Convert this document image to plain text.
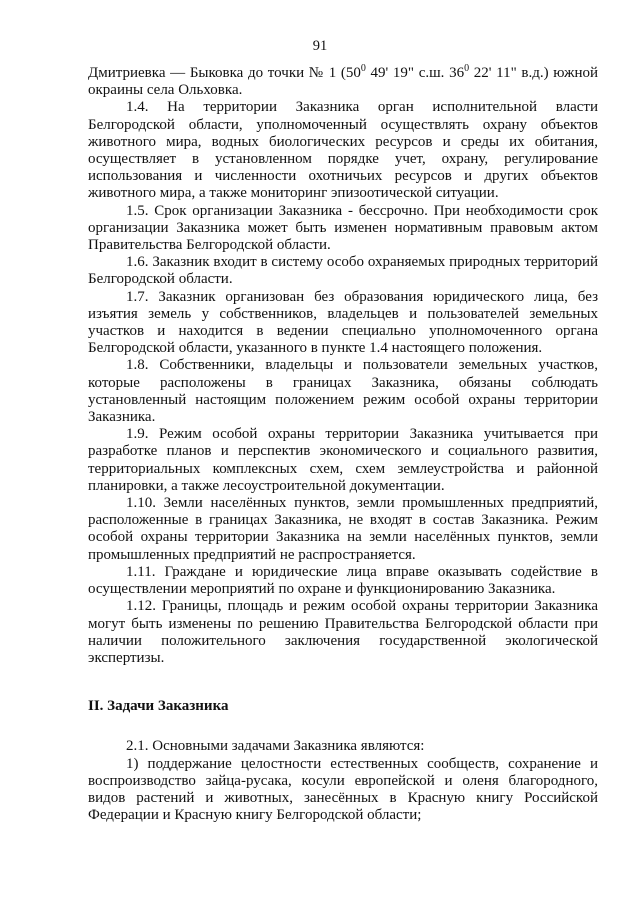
91

Дмитриевка — Быковка до точки № 1 ($50^0$ 49' 19" с.ш. $36^0$ 22' 11" в.д.) южной окраины села Ольховка.

1.4. На территории Заказника орган исполнительной власти Белгородской области, уполномоченный осуществлять охрану объектов животного мира, водных биологических ресурсов и среды их обитания, осуществляет в установленном порядке учет, охрану, регулирование использования и численности охотничьих ресурсов и других объектов животного мира, а также мониторинг эпизоотической ситуации.

1.5. Срок организации Заказника - бессрочно. При необходимости срок организации Заказника может быть изменен нормативным правовым актом Правительства Белгородской области.

1.6. Заказник входит в систему особо охраняемых природных территорий Белгородской области.

1.7. Заказник организован без образования юридического лица, без изъятия земель у собственников, владельцев и пользователей земельных участков и находится в ведении специально уполномоченного органа Белгородской области, указанного в пункте 1.4 настоящего положения.

1.8. Собственники, владельцы и пользователи земельных участков, которые расположены в границах Заказника, обязаны соблюдать установленный настоящим положением режим особой охраны территории Заказника.

1.9. Режим особой охраны территории Заказника учитывается при разработке планов и перспектив экономического и социального развития, территориальных комплексных схем, схем землеустройства и районной планировки, а также лесоустроительной документации.

1.10. Земли населённых пунктов, земли промышленных предприятий, расположенные в границах Заказника, не входят в состав Заказника. Режим особой охраны территории Заказника на земли населённых пунктов, земли промышленных предприятий не распространяется.

1.11. Граждане и юридические лица вправе оказывать содействие в осуществлении мероприятий по охране и функционированию Заказника.

1.12. Границы, площадь и режим особой охраны территории Заказника могут быть изменены по решению Правительства Белгородской области при наличии положительного заключения государственной экологической экспертизы.

II. Задачи Заказника

2.1. Основными задачами Заказника являются:

1) поддержание целостности естественных сообществ, сохранение и воспроизводство зайца-русака, косули европейской и оленя благородного, видов растений и животных, занесённых в Красную книгу Российской Федерации и Красную книгу Белгородской области;
